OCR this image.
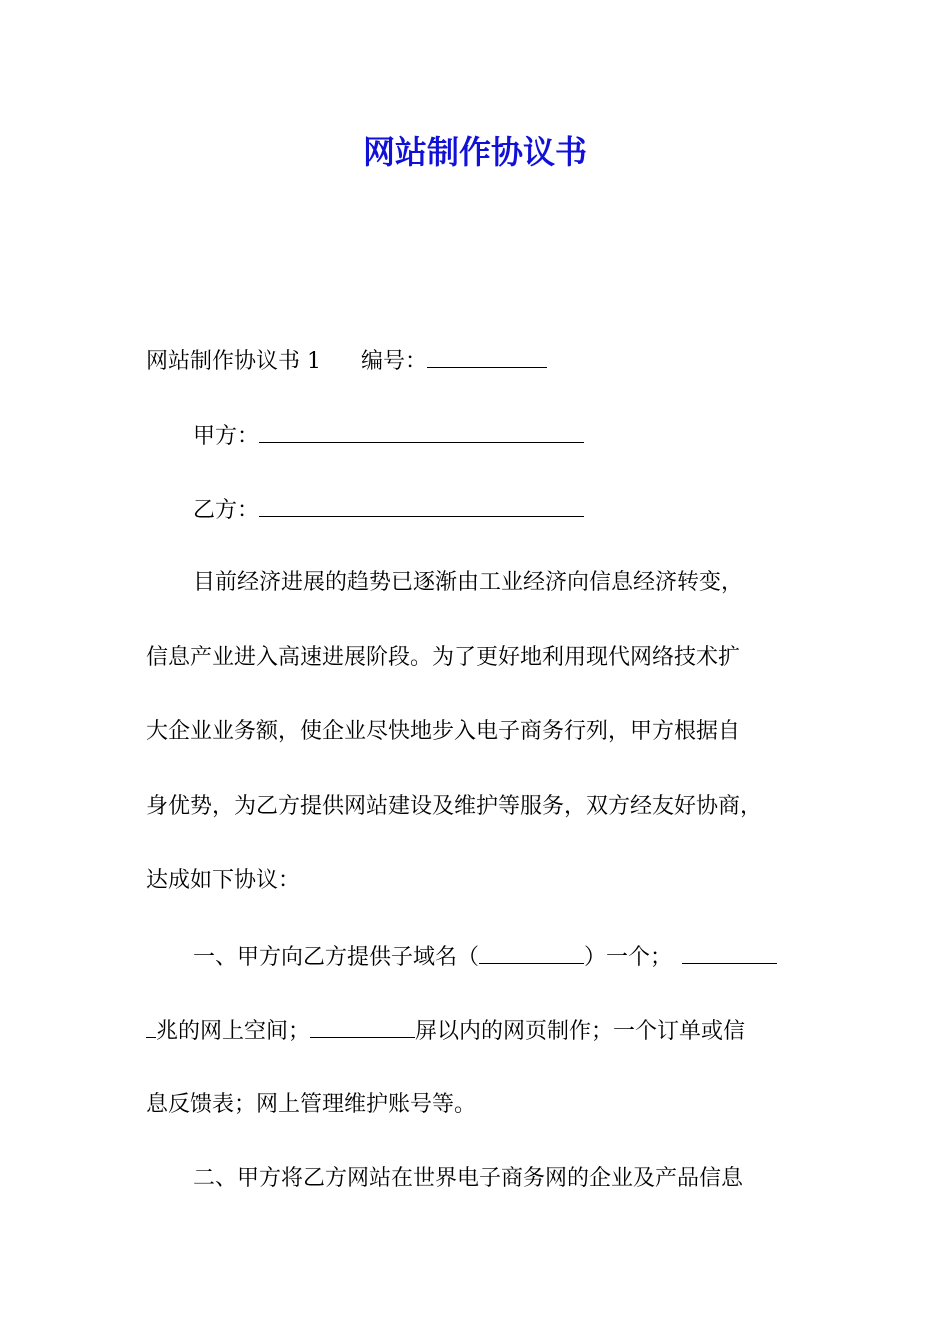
网站制作协议书
网站制作协议书 1 编号：
甲方：
乙方：
目前经济进展的趋势已逐渐由工业经济向信息经济转变，
信息产业进入高速进展阶段。为了更好地利用现代网络技术扩
大企业业务额，使企业尽快地步入电子商务行列，甲方根据自
身优势，为乙方提供网站建设及维护等服务，双方经友好协商，
达成如下协议：
一、甲方向乙方提供子域名（	）一个；
兆的网上空间；	屏以内的网页制作；一个订单或信
息反馈表；网上管理维护账号等。
二、甲方将乙方网站在世界电子商务网的企业及产品信息
